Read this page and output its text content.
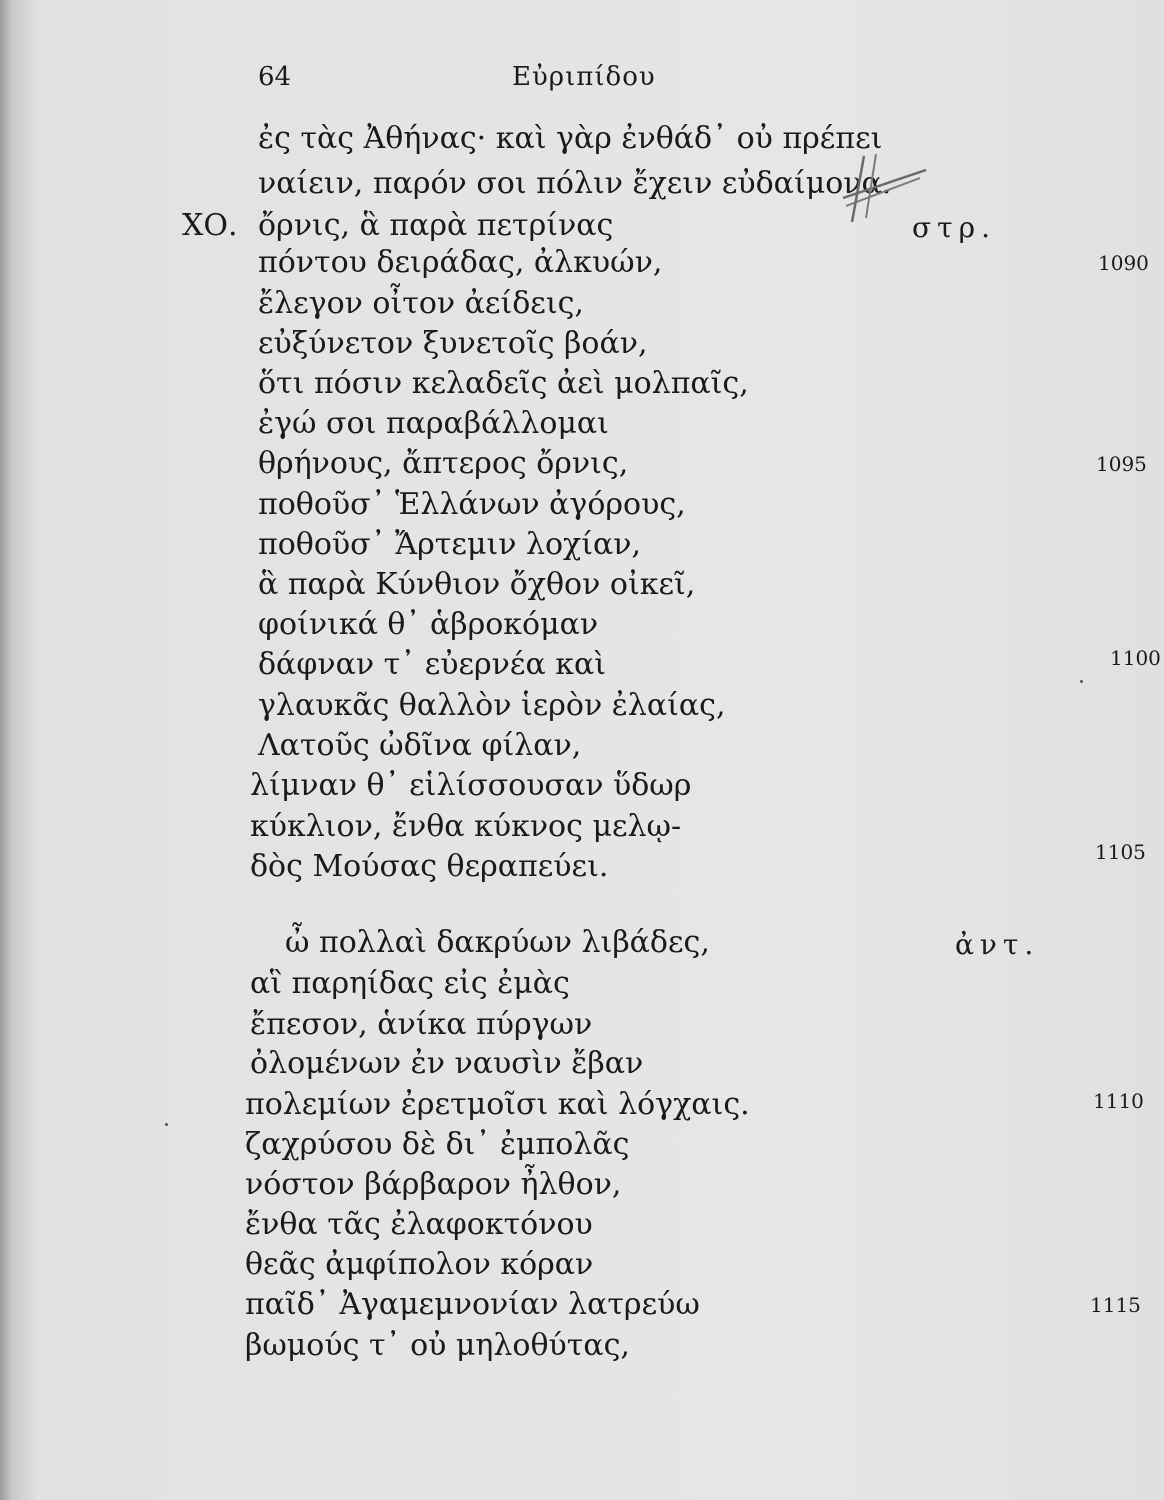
64	Εὐριπίδου
ἐς τὰς Ἀθήνας· καὶ γὰρ ἐνθάδ᾽ οὐ πρέπει
ναίειν, παρόν σοι πόλιν ἔχειν εὐδαίμονα.
ΧΟ. ὄρνις, ἃ παρὰ πετρίνας	στρ.
πόντου δειράδας, ἀλκυών,
ἔλεγον οἶτον ἀείδεις,
εὐξύνετον ξυνετοῖς βοάν,
ὅτι πόσιν κελαδεῖς ἀεὶ μολπαῖς,
ἐγώ σοι παραβάλλομαι
θρήνους, ἄπτερος ὄρνις,
ποθοῦσ᾽ Ἑλλάνων ἀγόρους,
ποθοῦσ᾽ Ἄρτεμιν λοχίαν,
ἃ παρὰ Κύνθιον ὄχθον οἰκεῖ,
φοίνικά θ᾽ ἁβροκόμαν
δάφναν τ᾽ εὐερνέα καὶ
γλαυκᾶς θαλλὸν ἱερὸν ἐλαίας,
Λατοῦς ὠδῖνα φίλαν,
λίμναν θ᾽ εἱλίσσουσαν ὕδωρ
κύκλιον, ἔνθα κύκνος μελῳ-
δὸς Μούσας θεραπεύει.
ὦ πολλαὶ δακρύων λιβάδες,	ἀντ.
αἳ παρηίδας εἰς ἐμὰς
ἔπεσον, ἁνίκα πύργων
ὀλομένων ἐν ναυσὶν ἔβαν
πολεμίων ἐρετμοῖσι καὶ λόγχαις.
ζαχρύσου δὲ δι᾽ ἐμπολᾶς
νόστον βάρβαρον ἦλθον,
ἔνθα τᾶς ἐλαφοκτόνου
θεᾶς ἀμφίπολον κόραν
παῖδ᾽ Ἀγαμεμνονίαν λατρεύω
βωμούς τ᾽ οὐ μηλοθύτας,
1090
1095
1100
1105
1110
1115
